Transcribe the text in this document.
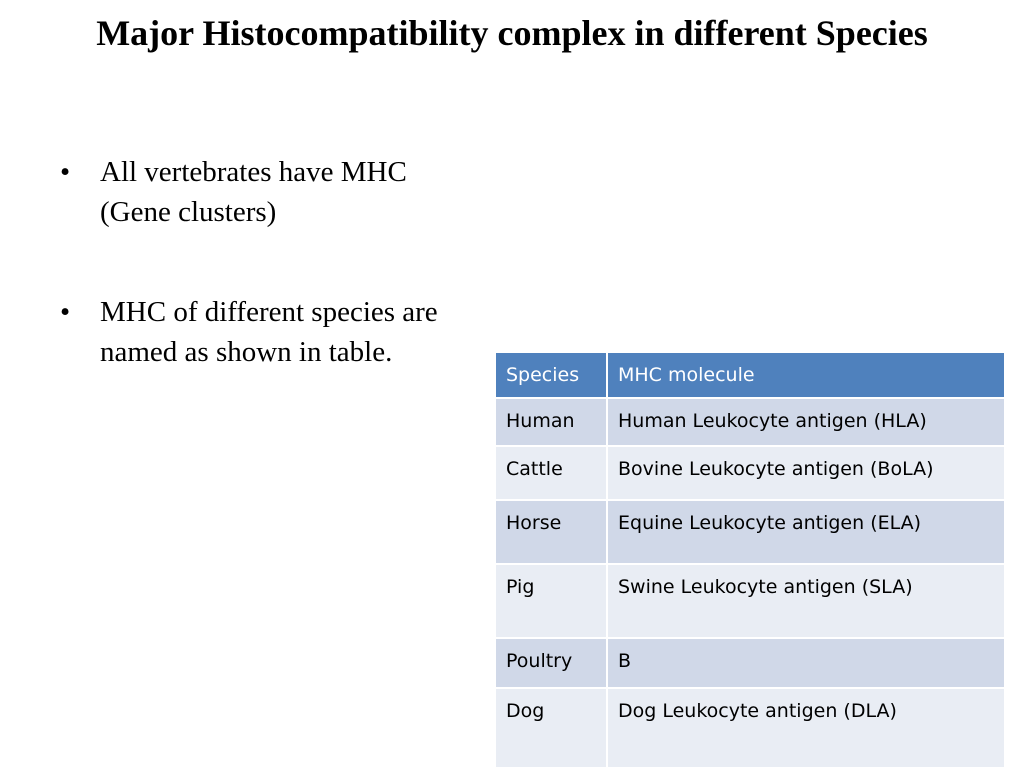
Major Histocompatibility complex in different Species
•	All vertebrates have MHC (Gene clusters)
•	MHC of different species are named as shown in table.
Species	MHC molecule
Human	Human Leukocyte antigen (HLA)
Cattle	Bovine Leukocyte antigen (BoLA)
Horse	Equine Leukocyte antigen (ELA)
Pig	Swine Leukocyte antigen (SLA)
Poultry	B
Dog	Dog Leukocyte antigen (DLA)
